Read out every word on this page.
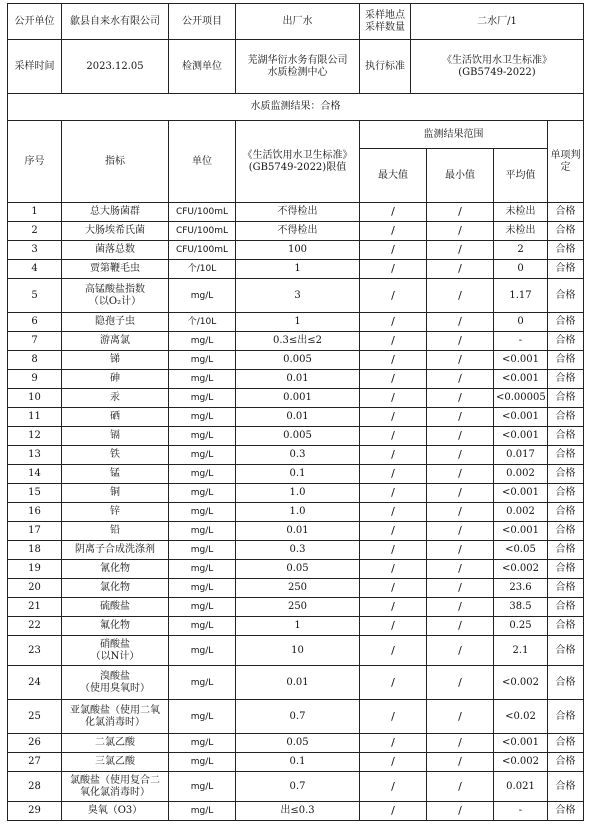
公开单位	歙县自来水有限公司	公开项目	出厂水	采样地点
采样数量	二水厂/1
采样时间	2023.12.05	检测单位	芜湖华衍水务有限公司
水质检测中心	执行标准	《生活饮用水卫生标准》
(GB5749-2022)
水质监测结果：合格							
序号	指标	单位	《生活饮用水卫生标准》
(GB5749-2022)限值	监测结果范围			单项判定
				最大值	最小值	平均值	
1	总大肠菌群	CFU/100mL	不得检出	/	/	未检出	合格
2	大肠埃希氏菌	CFU/100mL	不得检出	/	/	未检出	合格
3	菌落总数	CFU/100mL	100	/	/	2	合格
4	贾第鞭毛虫	个/10L	1	/	/	0	合格
5	高锰酸盐指数
（以O₂计）	mg/L	3	/	/	1.17	合格
6	隐孢子虫	个/10L	1	/	/	0	合格
7	游离氯	mg/L	0.3≤出≤2	/	/	-	合格
8	锑	mg/L	0.005	/	/	<0.001	合格
9	砷	mg/L	0.01	/	/	<0.001	合格
10	汞	mg/L	0.001	/	/	<0.00005	合格
11	硒	mg/L	0.01	/	/	<0.001	合格
12	镉	mg/L	0.005	/	/	<0.001	合格
13	铁	mg/L	0.3	/	/	0.017	合格
14	锰	mg/L	0.1	/	/	0.002	合格
15	铜	mg/L	1.0	/	/	<0.001	合格
16	锌	mg/L	1.0	/	/	0.002	合格
17	铅	mg/L	0.01	/	/	<0.001	合格
18	阴离子合成洗涤剂	mg/L	0.3	/	/	<0.05	合格
19	氰化物	mg/L	0.05	/	/	<0.002	合格
20	氯化物	mg/L	250	/	/	23.6	合格
21	硫酸盐	mg/L	250	/	/	38.5	合格
22	氟化物	mg/L	1	/	/	0.25	合格
23	硝酸盐
（以N计）	mg/L	10	/	/	2.1	合格
24	溴酸盐
（使用臭氧时）	mg/L	0.01	/	/	<0.002	合格
25	亚氯酸盐（使用二氧
化氯消毒时）	mg/L	0.7	/	/	<0.02	合格
26	二氯乙酸	mg/L	0.05	/	/	<0.001	合格
27	三氯乙酸	mg/L	0.1	/	/	<0.002	合格
28	氯酸盐（使用复合二
氧化氯消毒时）	mg/L	0.7	/	/	0.021	合格
29	臭氧（O3）	mg/L	出≤0.3	/	/	-	合格
